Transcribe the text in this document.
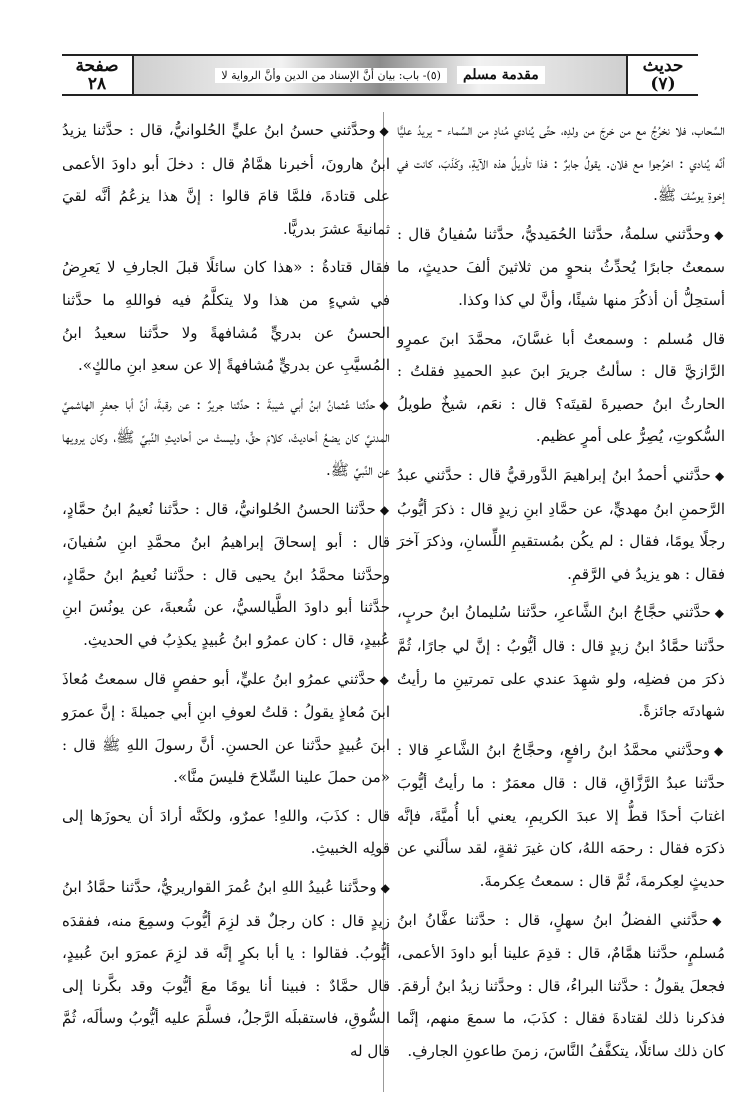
حديث
(٧)
مقدمة مسلم
(٥)- باب: بيان أنَّ الإسناد من الدين وأنَّ الرواية لا
صفحة
٢٨

السَّحاب، فلا نخرُجُ مع من خرجَ من ولدِه، حتَّى يُنادي مُنادٍ من السَّماء - يريدُ عليًّا أنَّه يُنادي : اخرُجوا مع فلان. يقولُ جابرٌ : فذا تأويلُ هذه الآيةِ، وكَذَبَ، كانت في إخوةِ يوسُفَ ﷺ.

◆وحدَّثني سلمةُ، حدَّثنا الحُمَيديُّ، حدَّثنا سُفيانُ قال : سمعتُ جابرًا يُحدِّثُ بنحوٍ من ثلاثينَ ألفَ حديثٍ، ما أستحِلُّ أن أذكُرَ منها شيئًا، وأنَّ لي كذا وكذا.

قال مُسلم : وسمعتُ أبا غسَّانَ، محمَّدَ ابنَ عمرٍو الرَّازيَّ قال : سألتُ جريرَ ابنَ عبدِ الحميدِ فقلتُ : الحارثُ ابنُ حصيرةَ لقيتَه؟ قال : نعَم، شيخٌ طويلُ السُّكوتِ، يُصِرُّ على أمرٍ عظيم.

◆حدَّثني أحمدُ ابنُ إبراهيمَ الدَّورقيُّ قال : حدَّثني عبدُ الرَّحمنِ ابنُ مهديٍّ، عن حمَّادِ ابنِ زيدٍ قال : ذكرَ أيُّوبُ رجلًا يومًا، فقال : لم يكُن بمُستقيمِ اللِّسانِ، وذكرَ آخرَ فقال : هو يزيدُ في الرَّقمِ.

◆حدَّثني حجَّاجُ ابنُ الشَّاعرِ، حدَّثنا سُليمانُ ابنُ حربٍ، حدَّثنا حمَّادُ ابنُ زيدٍ قال : قال أيُّوبُ : إنَّ لي جارًا، ثُمَّ ذكرَ من فضلِه، ولو شهِدَ عندي على تمرتينِ ما رأيتُ شهادتَه جائزةً.

◆وحدَّثني محمَّدُ ابنُ رافعٍ، وحجَّاجُ ابنُ الشَّاعرِ قالا : حدَّثنا عبدُ الرَّزَّاقِ، قال : قال معمَرٌ : ما رأيتُ أيُّوبَ اغتابَ أحدًا قطُّ إلا عبدَ الكريمِ، يعني أبا أُميَّةَ، فإنَّه ذكرَه فقال : رحمَه اللهُ، كان غيرَ ثقةٍ، لقد سألَني عن حديثٍ لعِكرمةَ، ثُمَّ قال : سمعتُ عِكرمةَ.

◆حدَّثني الفضلُ ابنُ سهلٍ، قال : حدَّثنا عفَّانُ ابنُ مُسلمٍ، حدَّثنا همَّامٌ، قال : قدِمَ علينا أبو داودَ الأعمى، فجعلَ يقولُ : حدَّثنا البراءُ، قال : وحدَّثنا زيدُ ابنُ أرقمَ. فذكرنا ذلك لقتادةَ فقال : كذَبَ، ما سمعَ منهم، إنَّما كان ذلك سائلًا، يتكفَّفُ النَّاسَ، زمنَ طاعونِ الجارفِ.

◆وحدَّثني حسنُ ابنُ عليٍّ الحُلوانيُّ، قال : حدَّثنا يزيدُ ابنُ هارونَ، أخبرنا همَّامٌ قال : دخلَ أبو داودَ الأعمى على قتادةَ، فلمَّا قامَ قالوا : إنَّ هذا يزعُمُ أنَّه لقيَ ثمانيةَ عشرَ بدريًّا.

فقال قتادةُ : «هذا كان سائلًا قبلَ الجارفِ لا يَعرِضُ في شيءٍ من هذا ولا يتكلَّمُ فيه فواللهِ ما حدَّثنا الحسنُ عن بدريٍّ مُشافهةً ولا حدَّثنا سعيدُ ابنُ المُسيَّبِ عن بدريٍّ مُشافهةً إلا عن سعدِ ابنِ مالكٍ».

◆حدَّثنا عُثمانُ ابنُ أبي شيبةَ : حدَّثنا جريرٌ : عن رقبةَ، أنَّ أبا جعفرٍ الهاشميَّ المدنيَّ كان يضعُ أحاديثَ، كلامَ حقٍّ، وليستْ من أحاديثِ النَّبيِّ ﷺ، وكان يرويها عن النَّبيِّ ﷺ.

◆حدَّثنا الحسنُ الحُلوانيُّ، قال : حدَّثنا نُعيمُ ابنُ حمَّادٍ، قال : أبو إسحاقَ إبراهيمُ ابنُ محمَّدِ ابنِ سُفيانَ، وحدَّثنا محمَّدُ ابنُ يحيى قال : حدَّثنا نُعيمُ ابنُ حمَّادٍ، حدَّثنا أبو داودَ الطَّيالسيُّ، عن شُعبةَ، عن يونُسَ ابنِ عُبيدٍ، قال : كان عمرُو ابنُ عُبيدٍ يكذِبُ في الحديثِ.

◆حدَّثني عمرُو ابنُ عليٍّ، أبو حفصٍ قال سمعتُ مُعاذَ ابنَ مُعاذٍ يقولُ : قلتُ لعوفِ ابنِ أبي جميلةَ : إنَّ عمرَو ابنَ عُبيدٍ حدَّثنا عن الحسنِ. أنَّ رسولَ اللهِ ﷺ قال : «من حملَ علينا السِّلاحَ فليسَ منَّا».

قال : كذَبَ، واللهِ! عمرٌو، ولكنَّه أرادَ أن يحوزَها إلى قولِه الخبيثِ.

◆وحدَّثنا عُبيدُ اللهِ ابنُ عُمرَ القواريريُّ، حدَّثنا حمَّادُ ابنُ زيدٍ قال : كان رجلٌ قد لزِمَ أيُّوبَ وسمِعَ منه، ففقدَه أيُّوبُ. فقالوا : يا أبا بكرٍ إنَّه قد لزِمَ عمرَو ابنَ عُبيدٍ، قال حمَّادٌ : فبينا أنا يومًا معَ أيُّوبَ وقد بكَّرنا إلى السُّوقِ، فاستقبلَه الرَّجلُ، فسلَّمَ عليه أيُّوبُ وسألَه، ثُمَّ قال له
